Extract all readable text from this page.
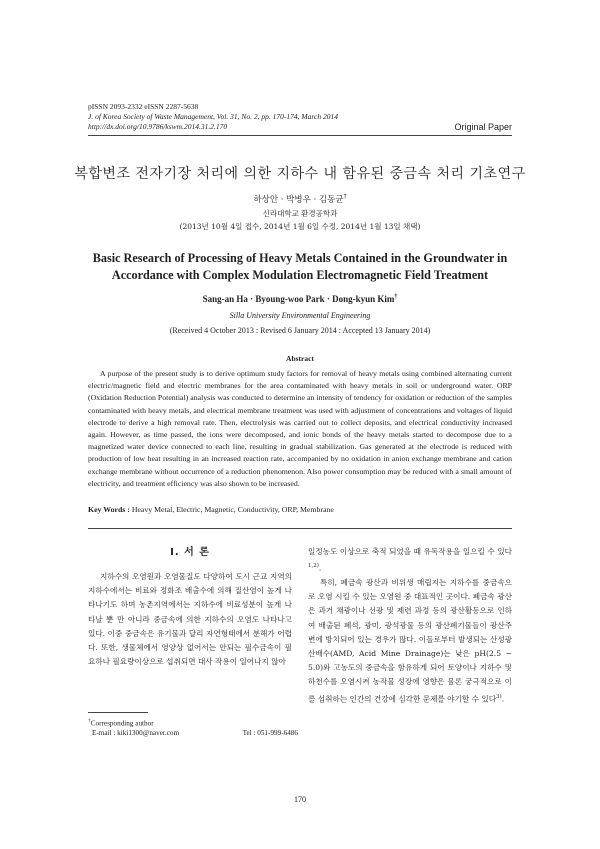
pISSN 2093-2332 eISSN 2287-5638
J. of Korea Society of Waste Management, Vol. 31, No. 2, pp. 170-174, March 2014
http://dx.doi.org/10.9786/kswm.2014.31.2.170	Original Paper
복합변조 전자기장 처리에 의한 지하수 내 함유된 중금속 처리 기초연구
하상안 · 박병우 · 김동균†
신라대학교 환경공학과
(2013년 10월 4일 접수, 2014년 1월 6일 수정, 2014년 1월 13일 채택)
Basic Research of Processing of Heavy Metals Contained in the Groundwater in Accordance with Complex Modulation Electromagnetic Field Treatment
Sang-an Ha · Byoung-woo Park · Dong-kyun Kim†
Silla University Environmental Engineering
(Received 4 October 2013 : Revised 6 January 2014 : Accepted 13 January 2014)
Abstract
A purpose of the present study is to derive optimum study factors for removal of heavy metals using combined alternating current electric/magnetic field and electric membranes for the area contaminated with heavy metals in soil or underground water. ORP (Oxidation Reduction Potential) analysis was conducted to determine an intensity of tendency for oxidation or reduction of the samples contaminated with heavy metals, and electrical membrane treatment was used with adjustment of concentrations and voltages of liquid electrode to derive a high removal rate. Then, electrolysis was carried out to collect deposits, and electrical conductivity increased again. However, as time passed, the ions were decomposed, and ionic bonds of the heavy metals started to decompose due to a magnetized water device connected to each line, resulting in gradual stabilization. Gas generated at the electrode is reduced with production of low heat resulting in an increased reaction rate, accompanied by no oxidation in anion exchange membrane and cation exchange membrane without occurrence of a reduction phenomenon. Also power consumption may be reduced with a small amount of electricity, and treatment efficiency was also shown to be increased.
Key Words : Heavy Metal, Electric, Magnetic, Conductivity, ORP, Membrane
I. 서 론

지하수의 오염원과 오염물질도 다양하여 도시 근교 지역의 지하수에서는 비료와 정화조 배출수에 의해 질산염이 높게 나타나기도 하며 농촌지역에서는 지하수에 비료성분이 높게 나타날 뿐 만 아니라 중금속에 의한 지하수의 오염도 나타나고 있다. 이중 중금속은 유기물과 달리 자연형태에서 분해가 어렵다. 또한, 생물체에서 영양상 없어서는 안되는 필수금속이 필요하나 필요량이상으로 섭취되면 대사 작용이 일어나지 않아

일정농도 이상으로 축적 되었을 때 유독작용을 일으킬 수 있다$^{1,2)}$.

특히, 폐금속 광산과 비위생 매립지는 지하수를 중금속으로 오염 시킬 수 있는 오염원 중 대표적인 곳이다. 폐금속 광산은 과거 채광이나 선광 및 제련 과정 등의 광산활동으로 인하여 배출된 폐석, 광미, 광석광물 등의 광산폐기물들이 광산주변에 방치되어 있는 경우가 많다. 이들로부터 발생되는 산성광산배수(AMD, Acid Mine Drainage)는 낮은 pH(2.5 ~ 5.0)와 고농도의 중금속을 함유하게 되어 토양이나 지하수 및 하천수를 오염시켜 농작물 성장에 영향은 물론 궁극적으로 이를 섭취하는 인간의 건강에 심각한 문제를 야기할 수 있다$^{3)}$.

†Corresponding author
E-mail : kiki1300@naver.com	Tel : 051-999-6486
170
